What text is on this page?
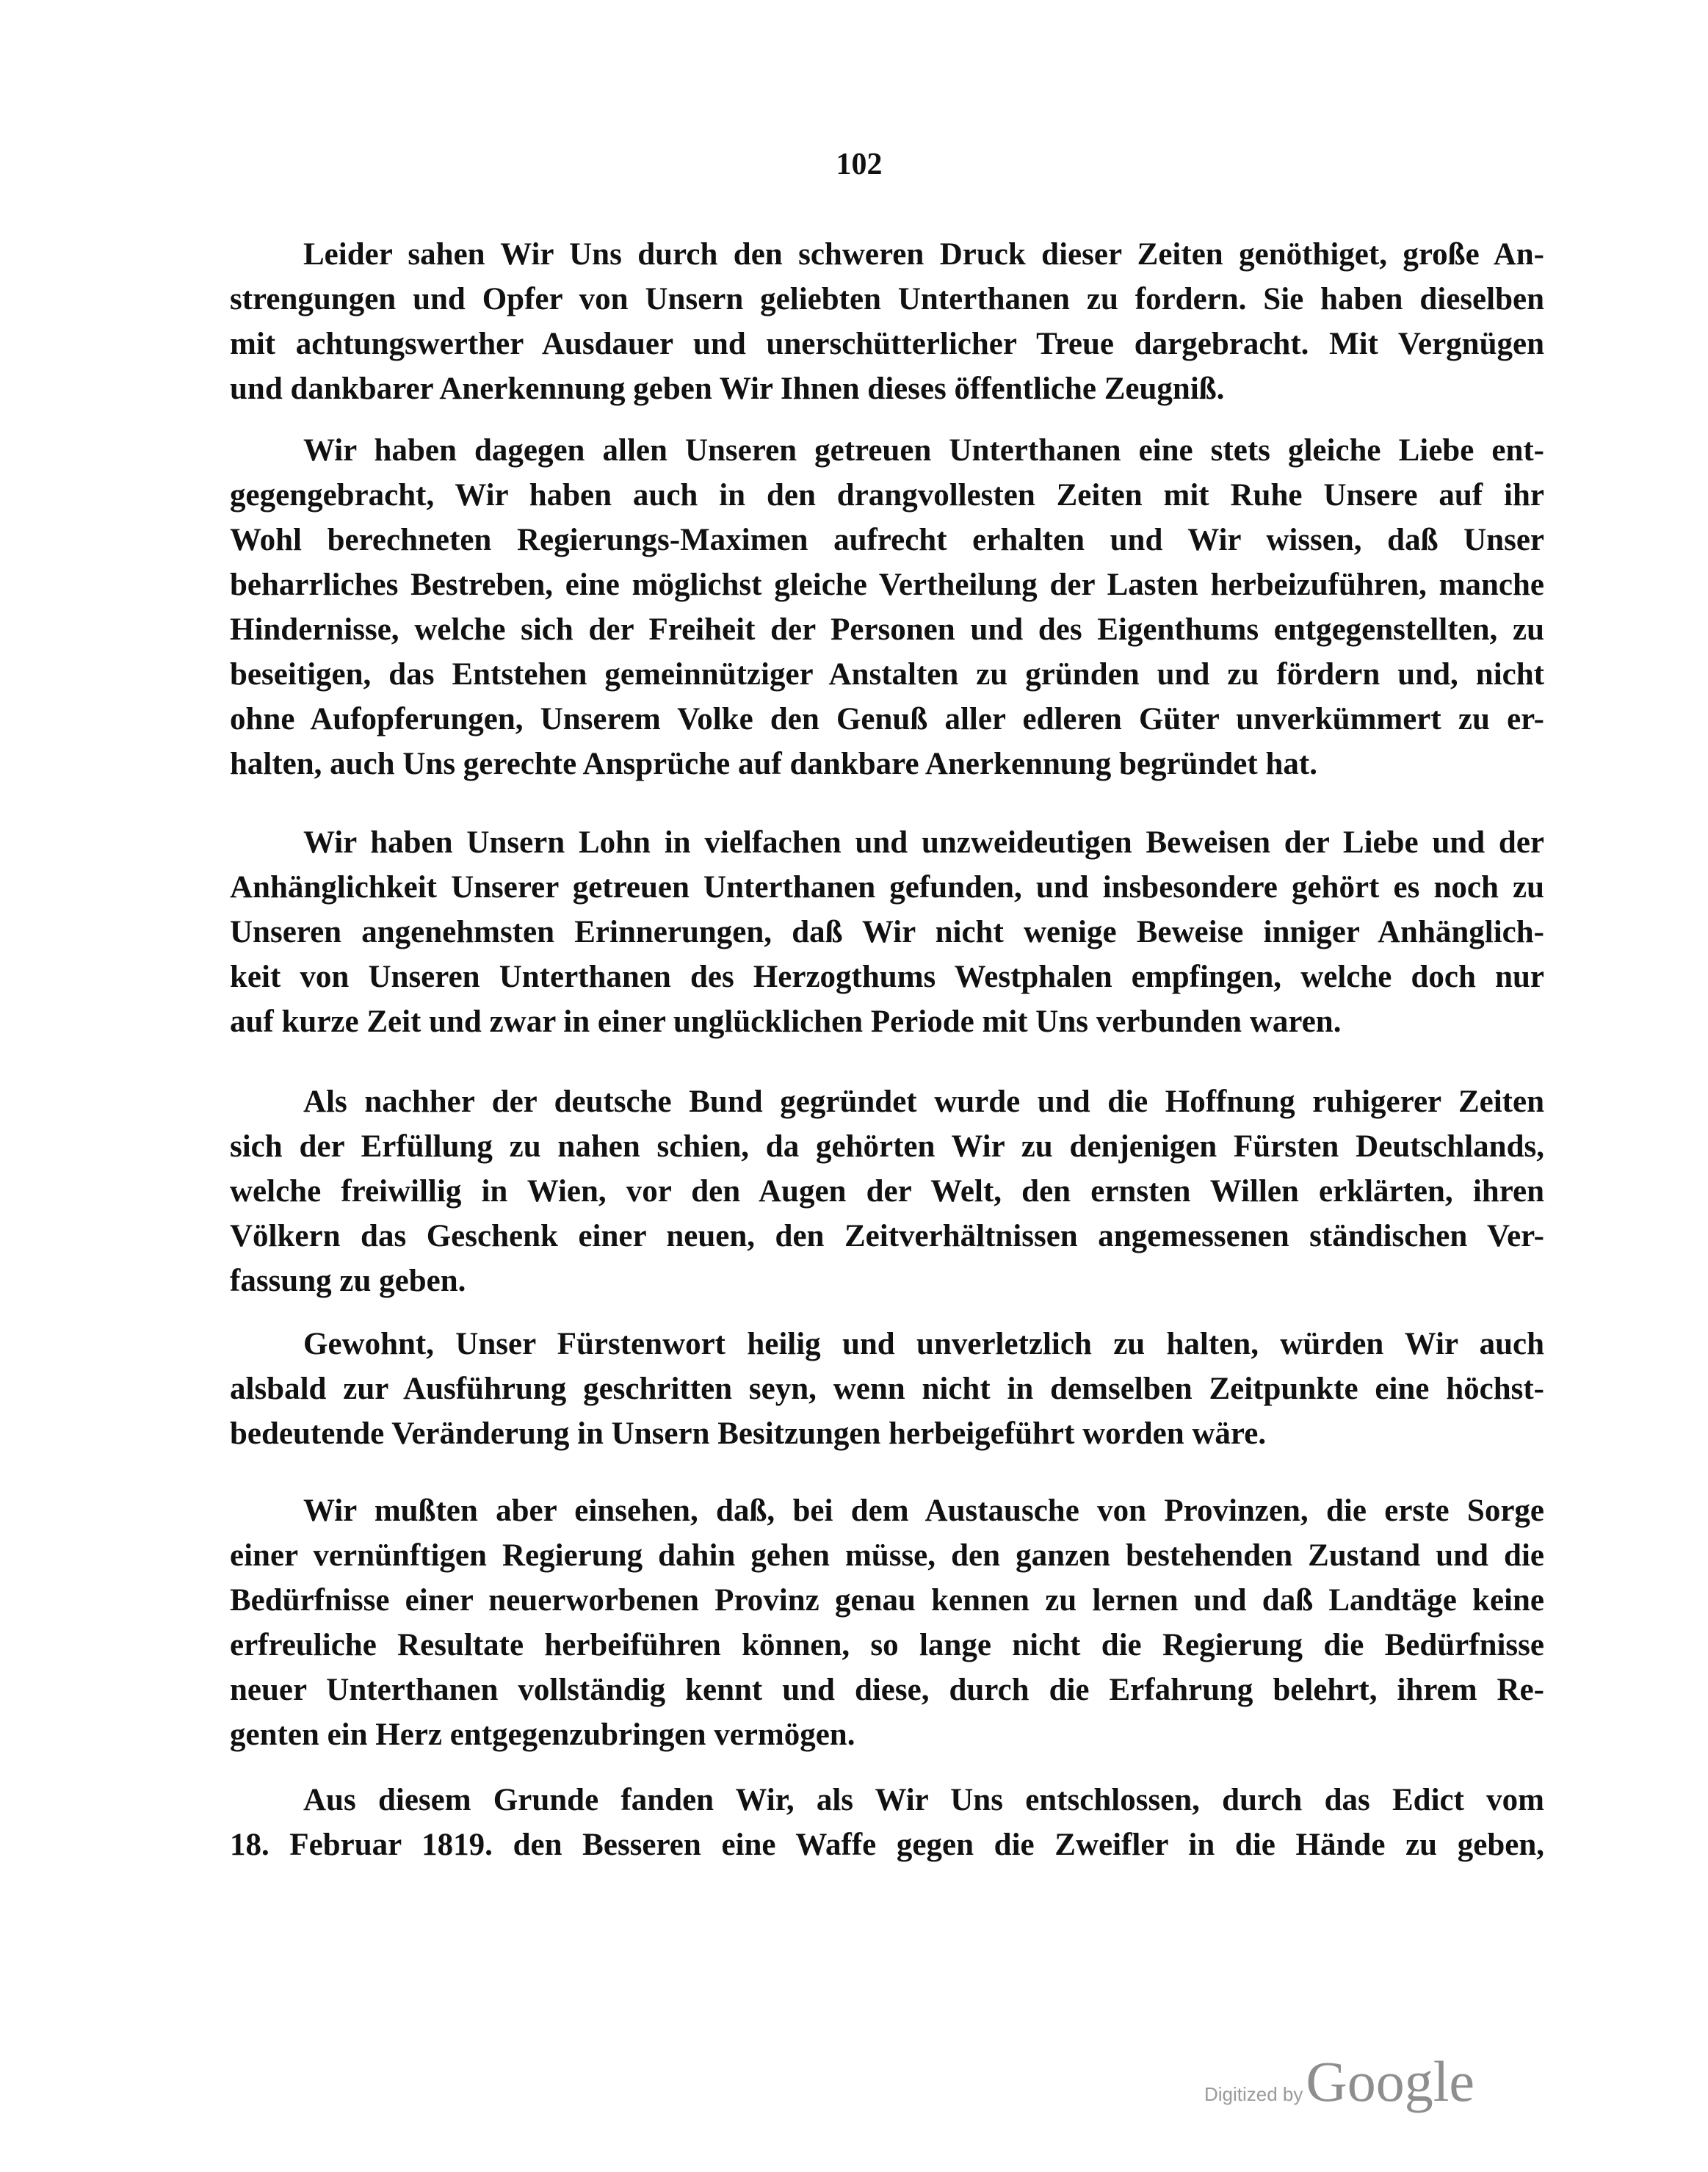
102
Leider sahen Wir Uns durch den schweren Druck dieser Zeiten genöthiget, große An-
strengungen und Opfer von Unsern geliebten Unterthanen zu fordern. Sie haben dieselben
mit achtungswerther Ausdauer und unerschütterlicher Treue dargebracht. Mit Vergnügen
und dankbarer Anerkennung geben Wir Ihnen dieses öffentliche Zeugniß.
Wir haben dagegen allen Unseren getreuen Unterthanen eine stets gleiche Liebe ent-
gegengebracht, Wir haben auch in den drangvollesten Zeiten mit Ruhe Unsere auf ihr
Wohl berechneten Regierungs-Maximen aufrecht erhalten und Wir wissen, daß Unser
beharrliches Bestreben, eine möglichst gleiche Vertheilung der Lasten herbeizuführen, manche
Hindernisse, welche sich der Freiheit der Personen und des Eigenthums entgegenstellten, zu
beseitigen, das Entstehen gemeinnütziger Anstalten zu gründen und zu fördern und, nicht
ohne Aufopferungen, Unserem Volke den Genuß aller edleren Güter unverkümmert zu er-
halten, auch Uns gerechte Ansprüche auf dankbare Anerkennung begründet hat.
Wir haben Unsern Lohn in vielfachen und unzweideutigen Beweisen der Liebe und der
Anhänglichkeit Unserer getreuen Unterthanen gefunden, und insbesondere gehört es noch zu
Unseren angenehmsten Erinnerungen, daß Wir nicht wenige Beweise inniger Anhänglich-
keit von Unseren Unterthanen des Herzogthums Westphalen empfingen, welche doch nur
auf kurze Zeit und zwar in einer unglücklichen Periode mit Uns verbunden waren.
Als nachher der deutsche Bund gegründet wurde und die Hoffnung ruhigerer Zeiten
sich der Erfüllung zu nahen schien, da gehörten Wir zu denjenigen Fürsten Deutschlands,
welche freiwillig in Wien, vor den Augen der Welt, den ernsten Willen erklärten, ihren
Völkern das Geschenk einer neuen, den Zeitverhältnissen angemessenen ständischen Ver-
fassung zu geben.
Gewohnt, Unser Fürstenwort heilig und unverletzlich zu halten, würden Wir auch
alsbald zur Ausführung geschritten seyn, wenn nicht in demselben Zeitpunkte eine höchst-
bedeutende Veränderung in Unsern Besitzungen herbeigeführt worden wäre.
Wir mußten aber einsehen, daß, bei dem Austausche von Provinzen, die erste Sorge
einer vernünftigen Regierung dahin gehen müsse, den ganzen bestehenden Zustand und die
Bedürfnisse einer neuerworbenen Provinz genau kennen zu lernen und daß Landtäge keine
erfreuliche Resultate herbeiführen können, so lange nicht die Regierung die Bedürfnisse
neuer Unterthanen vollständig kennt und diese, durch die Erfahrung belehrt, ihrem Re-
genten ein Herz entgegenzubringen vermögen.
Aus diesem Grunde fanden Wir, als Wir Uns entschlossen, durch das Edict vom
18. Februar 1819. den Besseren eine Waffe gegen die Zweifler in die Hände zu geben,
Digitized by Google
